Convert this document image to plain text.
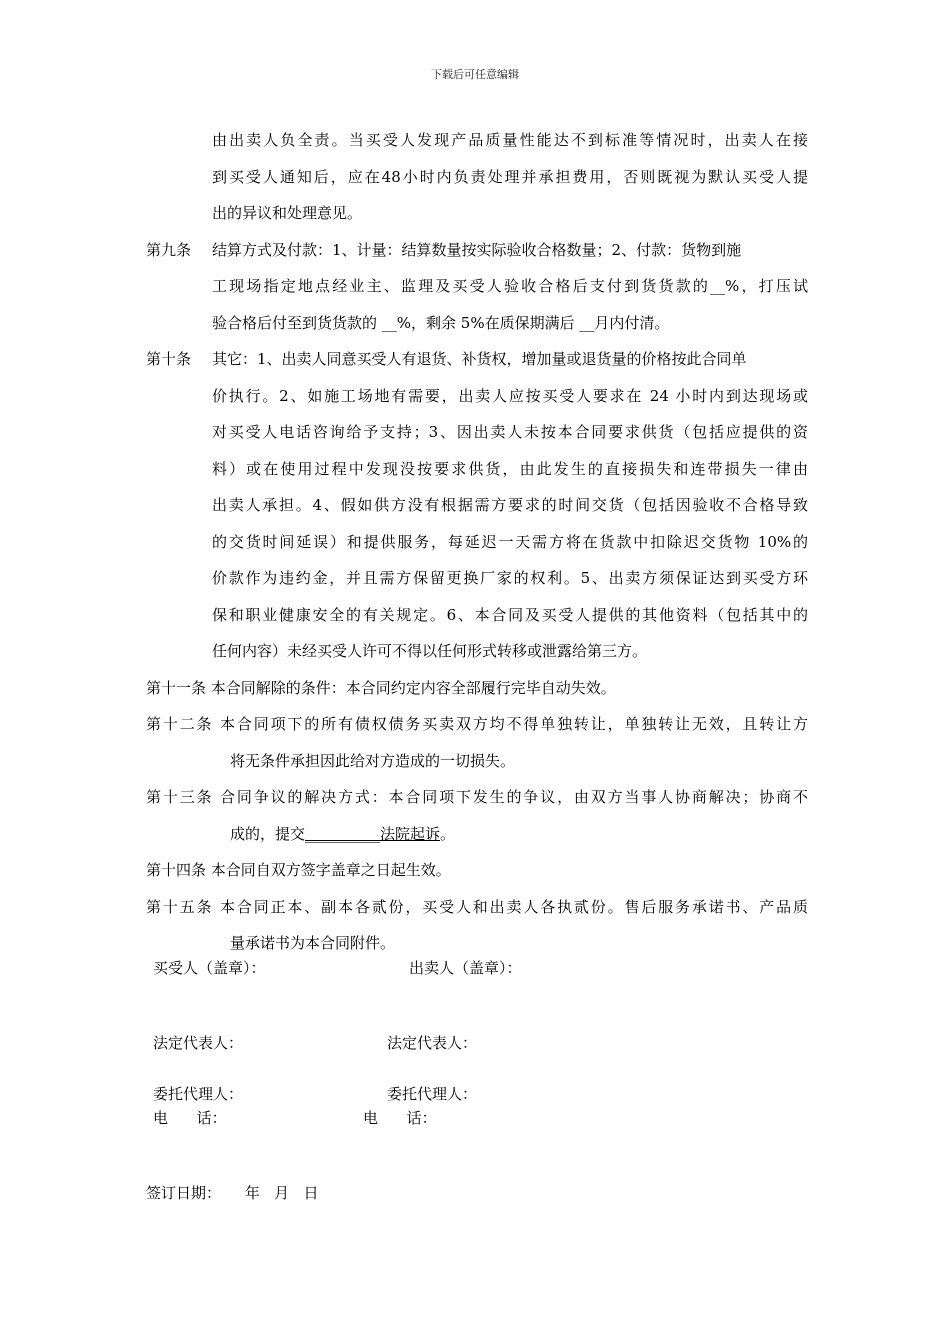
下载后可任意编辑
由出卖人负全责。当买受人发现产品质量性能达不到标准等情况时，出卖人在接
到买受人通知后，应在48小时内负责处理并承担费用，否则既视为默认买受人提
出的异议和处理意见。
第九条 结算方式及付款：1、计量：结算数量按实际验收合格数量；2、付款：货物到施
工现场指定地点经业主、监理及买受人验收合格后支付到货货款的__%，打压试
验合格后付至到货货款的 __%，剩余 5%在质保期满后 __月内付清。
第十条 其它：1、出卖人同意买受人有退货、补货权，增加量或退货量的价格按此合同单
价执行。2、如施工场地有需要，出卖人应按买受人要求在 24 小时内到达现场或
对买受人电话咨询给予支持；3、因出卖人未按本合同要求供货（包括应提供的资
料）或在使用过程中发现没按要求供货，由此发生的直接损失和连带损失一律由
出卖人承担。4、假如供方没有根据需方要求的时间交货（包括因验收不合格导致
的交货时间延误）和提供服务，每延迟一天需方将在货款中扣除迟交货物 10%的
价款作为违约金，并且需方保留更换厂家的权利。5、出卖方须保证达到买受方环
保和职业健康安全的有关规定。6、本合同及买受人提供的其他资料（包括其中的
任何内容）未经买受人许可不得以任何形式转移或泄露给第三方。
第十一条 本合同解除的条件：本合同约定内容全部履行完毕自动失效。
第十二条 本合同项下的所有债权债务买卖双方均不得单独转让，单独转让无效，且转让方
将无条件承担因此给对方造成的一切损失。
第十三条 合同争议的解决方式：本合同项下发生的争议，由双方当事人协商解决；协商不
成的，提交__________法院起诉。
第十四条 本合同自双方签字盖章之日起生效。
第十五条 本合同正本、副本各贰份，买受人和出卖人各执贰份。售后服务承诺书、产品质
量承诺书为本合同附件。
买受人（盖章）：	出卖人（盖章）：
法定代表人：	法定代表人：
委托代理人：	委托代理人：
电      话：	电      话：
签订日期：     年   月   日
